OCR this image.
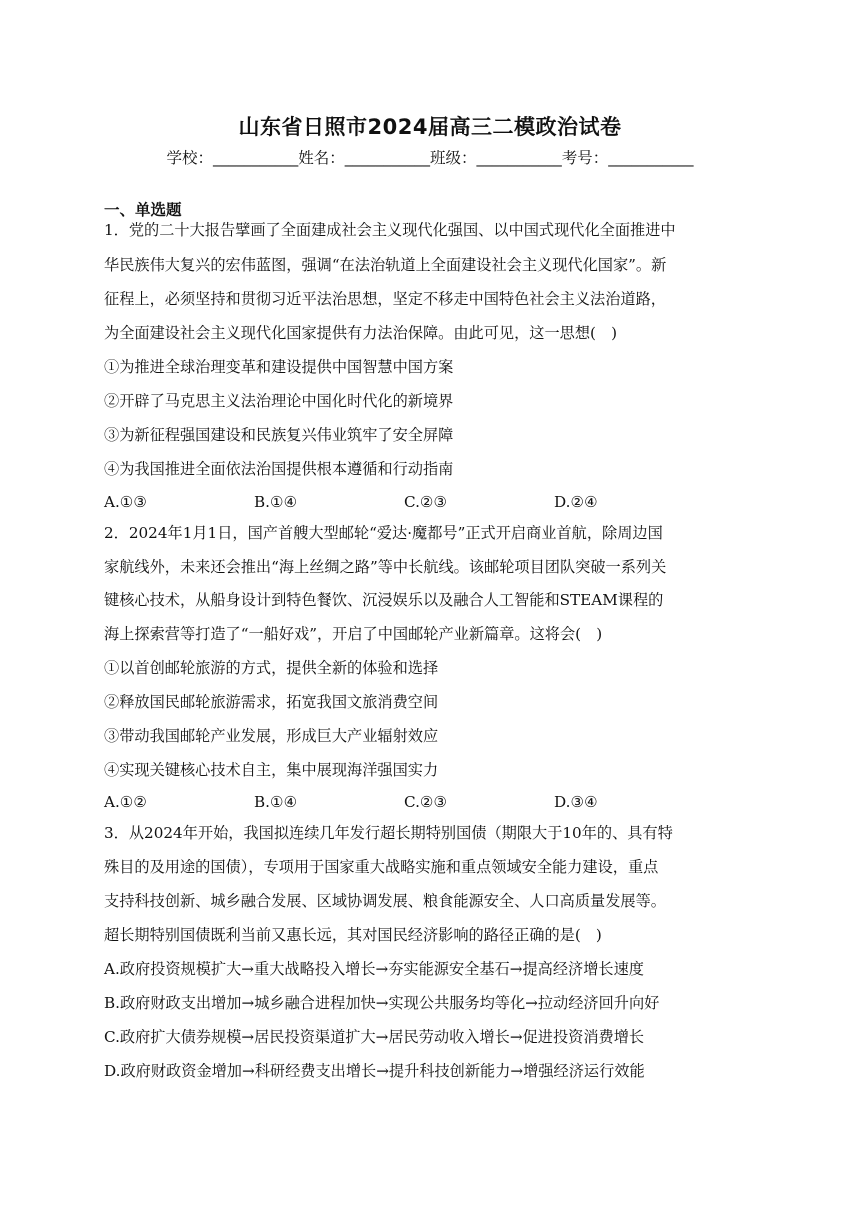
山东省日照市2024届高三二模政治试卷
学校：___________姓名：___________班级：___________考号：___________
一、单选题
1．党的二十大报告擘画了全面建成社会主义现代化强国、以中国式现代化全面推进中
华民族伟大复兴的宏伟蓝图，强调“在法治轨道上全面建设社会主义现代化国家”。新
征程上，必须坚持和贯彻习近平法治思想，坚定不移走中国特色社会主义法治道路，
为全面建设社会主义现代化国家提供有力法治保障。由此可见，这一思想(　)
①为推进全球治理变革和建设提供中国智慧中国方案
②开辟了马克思主义法治理论中国化时代化的新境界
③为新征程强国建设和民族复兴伟业筑牢了安全屏障
④为我国推进全面依法治国提供根本遵循和行动指南
A.①③	B.①④	C.②③	D.②④
2．2024年1月1日，国产首艘大型邮轮“爱达·魔都号”正式开启商业首航，除周边国
家航线外，未来还会推出“海上丝绸之路”等中长航线。该邮轮项目团队突破一系列关
键核心技术，从船身设计到特色餐饮、沉浸娱乐以及融合人工智能和STEAM课程的
海上探索营等打造了“一船好戏”，开启了中国邮轮产业新篇章。这将会(　)
①以首创邮轮旅游的方式，提供全新的体验和选择
②释放国民邮轮旅游需求，拓宽我国文旅消费空间
③带动我国邮轮产业发展，形成巨大产业辐射效应
④实现关键核心技术自主，集中展现海洋强国实力
A.①②	B.①④	C.②③	D.③④
3．从2024年开始，我国拟连续几年发行超长期特别国债（期限大于10年的、具有特
殊目的及用途的国债），专项用于国家重大战略实施和重点领域安全能力建设，重点
支持科技创新、城乡融合发展、区域协调发展、粮食能源安全、人口高质量发展等。
超长期特别国债既利当前又惠长远，其对国民经济影响的路径正确的是(　)
A.政府投资规模扩大→重大战略投入增长→夯实能源安全基石→提高经济增长速度
B.政府财政支出增加→城乡融合进程加快→实现公共服务均等化→拉动经济回升向好
C.政府扩大债券规模→居民投资渠道扩大→居民劳动收入增长→促进投资消费增长
D.政府财政资金增加→科研经费支出增长→提升科技创新能力→增强经济运行效能
